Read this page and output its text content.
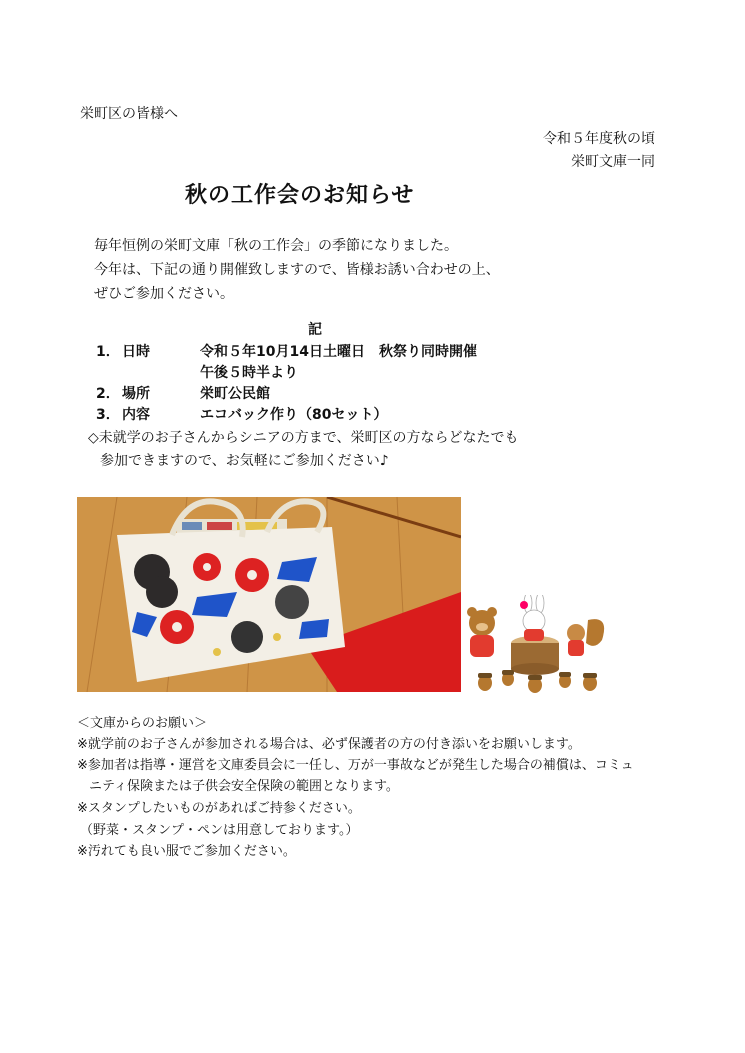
栄町区の皆様へ
令和５年度秋の頃
栄町文庫一同
秋の工作会のお知らせ
毎年恒例の栄町文庫「秋の工作会」の季節になりました。
今年は、下記の通り開催致しますので、皆様お誘い合わせの上、
ぜひご参加ください。
記
1． 日時	令和５年10月14日土曜日　秋祭り同時開催
午後５時半より
2． 場所	栄町公民館
3． 内容	エコバック作り（80セット）
◇未就学のお子さんからシニアの方まで、栄町区の方ならどなたでも
参加できますので、お気軽にご参加ください♪
＜文庫からのお願い＞
※就学前のお子さんが参加される場合は、必ず保護者の方の付き添いをお願いします。
※参加者は指導・運営を文庫委員会に一任し、万が一事故などが発生した場合の補償は、コミュ
ニティ保険または子供会安全保険の範囲となります。
※スタンプしたいものがあればご持参ください。
（野菜・スタンプ・ペンは用意しております。）
※汚れても良い服でご参加ください。
